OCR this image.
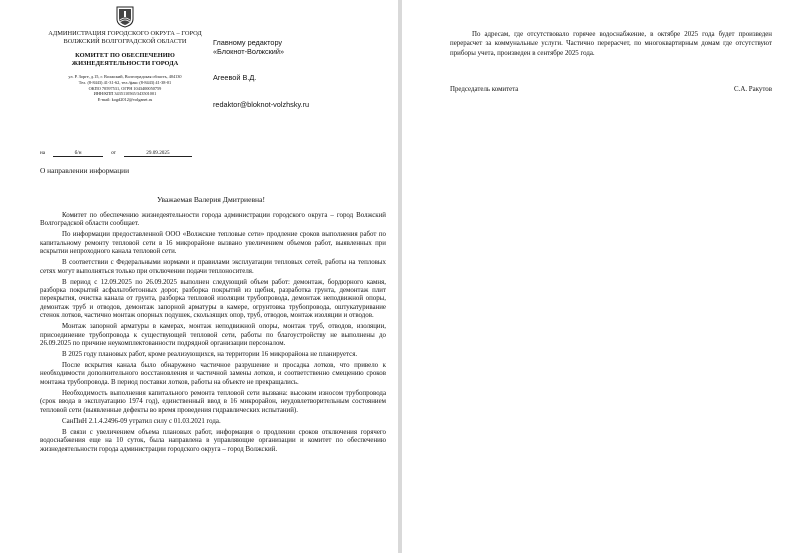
АДМИНИСТРАЦИЯ ГОРОДСКОГО ОКРУГА – ГОРОД ВОЛЖСКИЙ ВОЛГОГРАДСКОЙ ОБЛАСТИ
КОМИТЕТ ПО ОБЕСПЕЧЕНИЮ ЖИЗНЕДЕЯТЕЛЬНОСТИ ГОРОДА
ул. Р. Зорге, д.15, г. Волжский, Волгоградская область, 404130
Тел. (8-8443) 41-31-62, тел./факс (8-8443) 41-38-01
ОКПО 70597531, ОГРН 1043400050759
ИНН/КПП 3435110565/343501001
E-mail: kogd2012@volganet.ru
Главному редактору
«Блокнот-Волжский»
Агеевой В.Д.
redaktor@bloknot-volzhsky.ru
на	б/н	от	29.09.2025
О направлении информации
Уважаемая Валерия Дмитриевна!

Комитет по обеспечению жизнедеятельности города администрации городского округа – город Волжский Волгоградской области сообщает.

По информации предоставленной ООО «Волжские тепловые сети» продление сроков выполнения работ по капитальному ремонту тепловой сети в 16 микрорайоне вызвано увеличением объемов работ, выявленных при вскрытии непроходного канала тепловой сети.

В соответствии с Федеральными нормами и правилами эксплуатации тепловых сетей, работы на тепловых сетях могут выполняться только при отключении подачи теплоносителя.

В период с 12.09.2025 по 26.09.2025 выполнен следующий объем работ: демонтаж, бордюрного камня, разборка покрытий асфальтобетонных дорог, разборка покрытий из щебня, разработка грунта, демонтаж плит перекрытия, очистка канала от грунта, разборка тепловой изоляции трубопровода, демонтаж неподвижной опоры, демонтаж труб и отводов, демонтаж запорной арматуры в камере, огрунтовка трубопровода, оштукатуривание стенок лотков, частично монтаж опорных подушек, скользящих опор, труб, отводов, монтаж изоляции и отводов.

Монтаж запорной арматуры в камерах, монтаж неподвижной опоры, монтаж труб, отводов, изоляции, присоединение трубопровода к существующей тепловой сети, работы по благоустройству не выполнены до 26.09.2025 по причине неукомплектованности подрядной организации персоналом.

В 2025 году плановых работ, кроме реализующихся, на территории 16 микрорайона не планируется.

После вскрытия канала было обнаружено частичное разрушение и просадка лотков, что привело к необходимости дополнительного восстановления и частичной замены лотков, и соответственно смещению сроков монтажа трубопровода. В период поставки лотков, работы на объекте не прекращались.

Необходимость выполнения капитального ремонта тепловой сети вызвана: высоким износом трубопровода (срок ввода в эксплуатацию 1974 год), единственный ввод в 16 микрорайон, неудовлетворительным состоянием тепловой сети (выявленные дефекты во время проведения гидравлических испытаний).

СанПиН 2.1.4.2496-09 утратил силу с 01.03.2021 года.

В связи с увеличением объема плановых работ, информация о продлении сроков отключения горячего водоснабжения еще на 10 суток, была направлена в управляющие организации и комитет по обеспечению жизнедеятельности города администрации городского округа – город Волжский.

По адресам, где отсутствовало горячее водоснабжение, в октябре 2025 года будет произведен перерасчет за коммунальные услуги. Частично перерасчет, по многоквартирным домам где отсутствуют приборы учета, произведен в сентябре 2025 года.
Председатель комитета	С.А. Ракутов
